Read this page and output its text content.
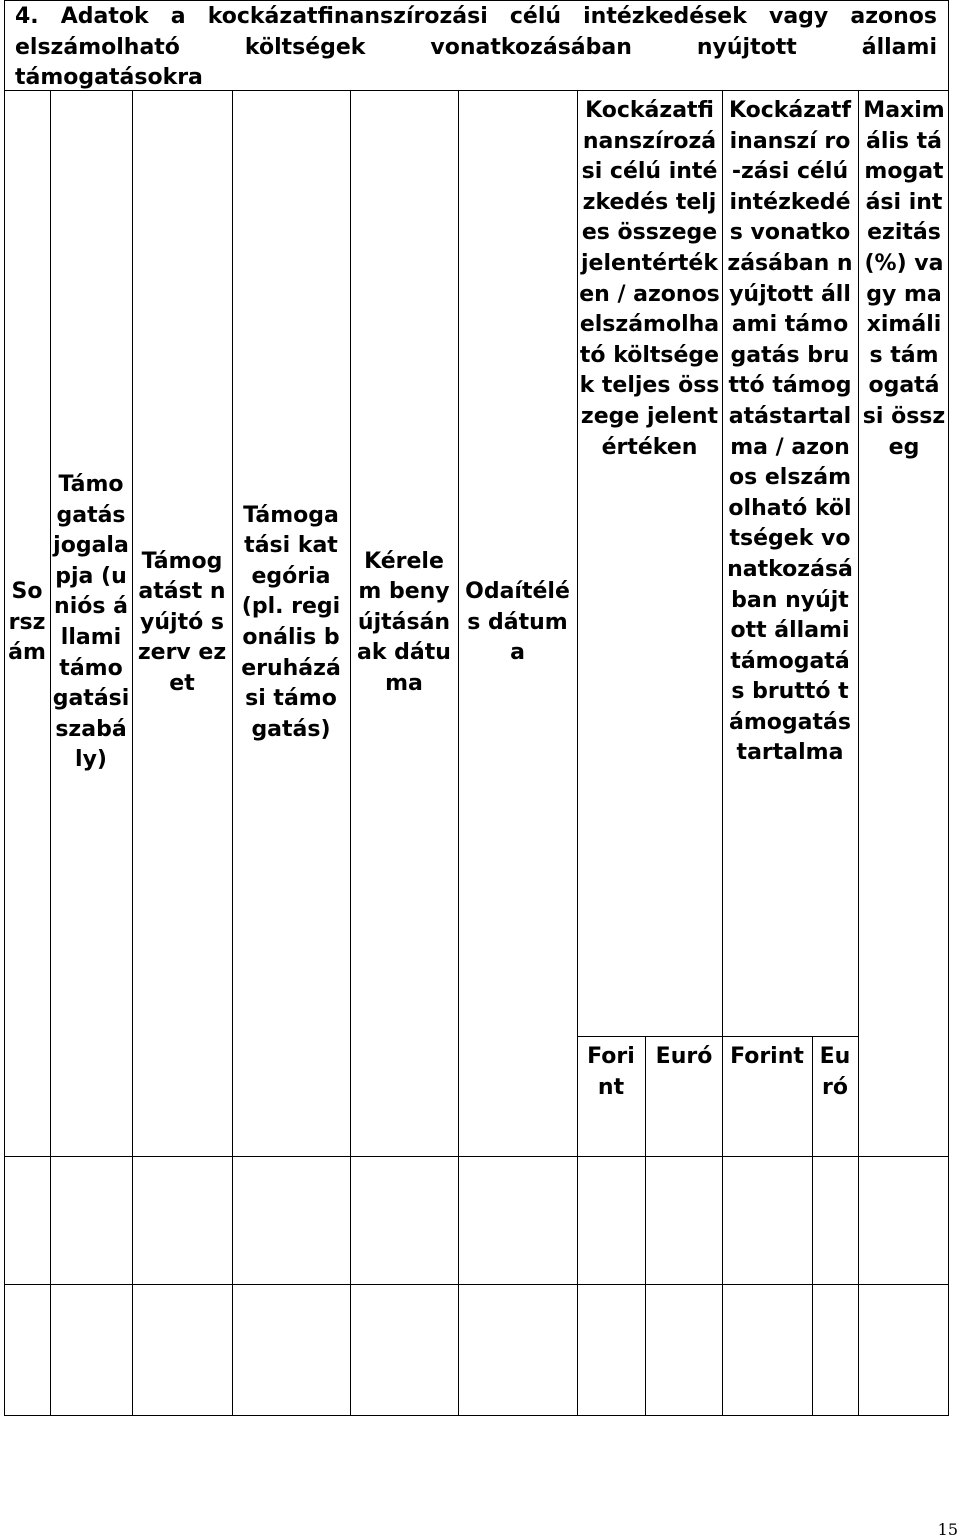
4. Adatok a kockázatfinanszírozási célú intézkedések vagy azonos
elszámolható költségek vonatkozásában nyújtott állami
támogatásokra
Sorszám
Támogatás jogalapja (uniós állami támogatási szabály)
Támogatást nyújtó szerv ezet
Támogatási kategória (pl. regionális beruházási támogatás)
Kérelem benyújtásának dátuma
Odaítélés dátuma
Kockázatfinanszírozási célú intézkedés teljes összege jelentértéken / azonos elszámolható költségek teljes összege jelentértéken
Kockázatfinanszí ro-zási célú intézkedés vonatkozásában nyújtott állami támogatás bruttó támogatástartalma / azonos elszámolható költségek vonatkozásában nyújtott állami támogatás bruttó támogatástartalma
Maximális támogatási intezitás (%) vagy maximális támogatási összeg
Forint
Euró Forint Euró
15
